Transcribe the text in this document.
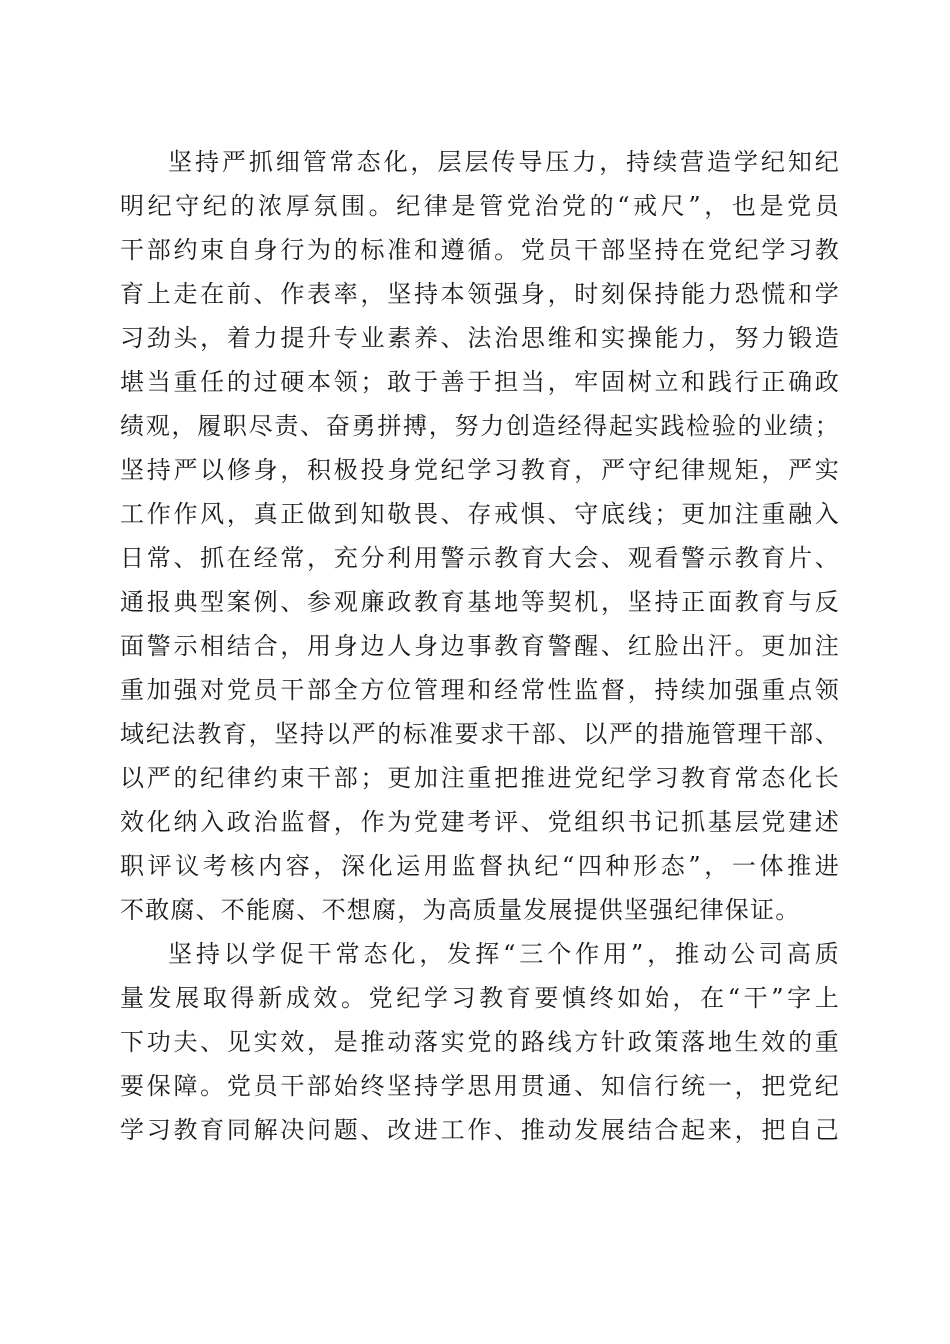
坚持严抓细管常态化，层层传导压力，持续营造学纪知纪
明纪守纪的浓厚氛围。纪律是管党治党的“戒尺”，也是党员
干部约束自身行为的标准和遵循。党员干部坚持在党纪学习教
育上走在前、作表率，坚持本领强身，时刻保持能力恐慌和学
习劲头，着力提升专业素养、法治思维和实操能力，努力锻造
堪当重任的过硬本领；敢于善于担当，牢固树立和践行正确政
绩观，履职尽责、奋勇拼搏，努力创造经得起实践检验的业绩；
坚持严以修身，积极投身党纪学习教育，严守纪律规矩，严实
工作作风，真正做到知敬畏、存戒惧、守底线；更加注重融入
日常、抓在经常，充分利用警示教育大会、观看警示教育片、
通报典型案例、参观廉政教育基地等契机，坚持正面教育与反
面警示相结合，用身边人身边事教育警醒、红脸出汗。更加注
重加强对党员干部全方位管理和经常性监督，持续加强重点领
域纪法教育，坚持以严的标准要求干部、以严的措施管理干部、
以严的纪律约束干部；更加注重把推进党纪学习教育常态化长
效化纳入政治监督，作为党建考评、党组织书记抓基层党建述
职评议考核内容，深化运用监督执纪“四种形态”，一体推进
不敢腐、不能腐、不想腐，为高质量发展提供坚强纪律保证。
坚持以学促干常态化，发挥“三个作用”，推动公司高质
量发展取得新成效。党纪学习教育要慎终如始，在“干”字上
下功夫、见实效，是推动落实党的路线方针政策落地生效的重
要保障。党员干部始终坚持学思用贯通、知信行统一，把党纪
学习教育同解决问题、改进工作、推动发展结合起来，把自己
